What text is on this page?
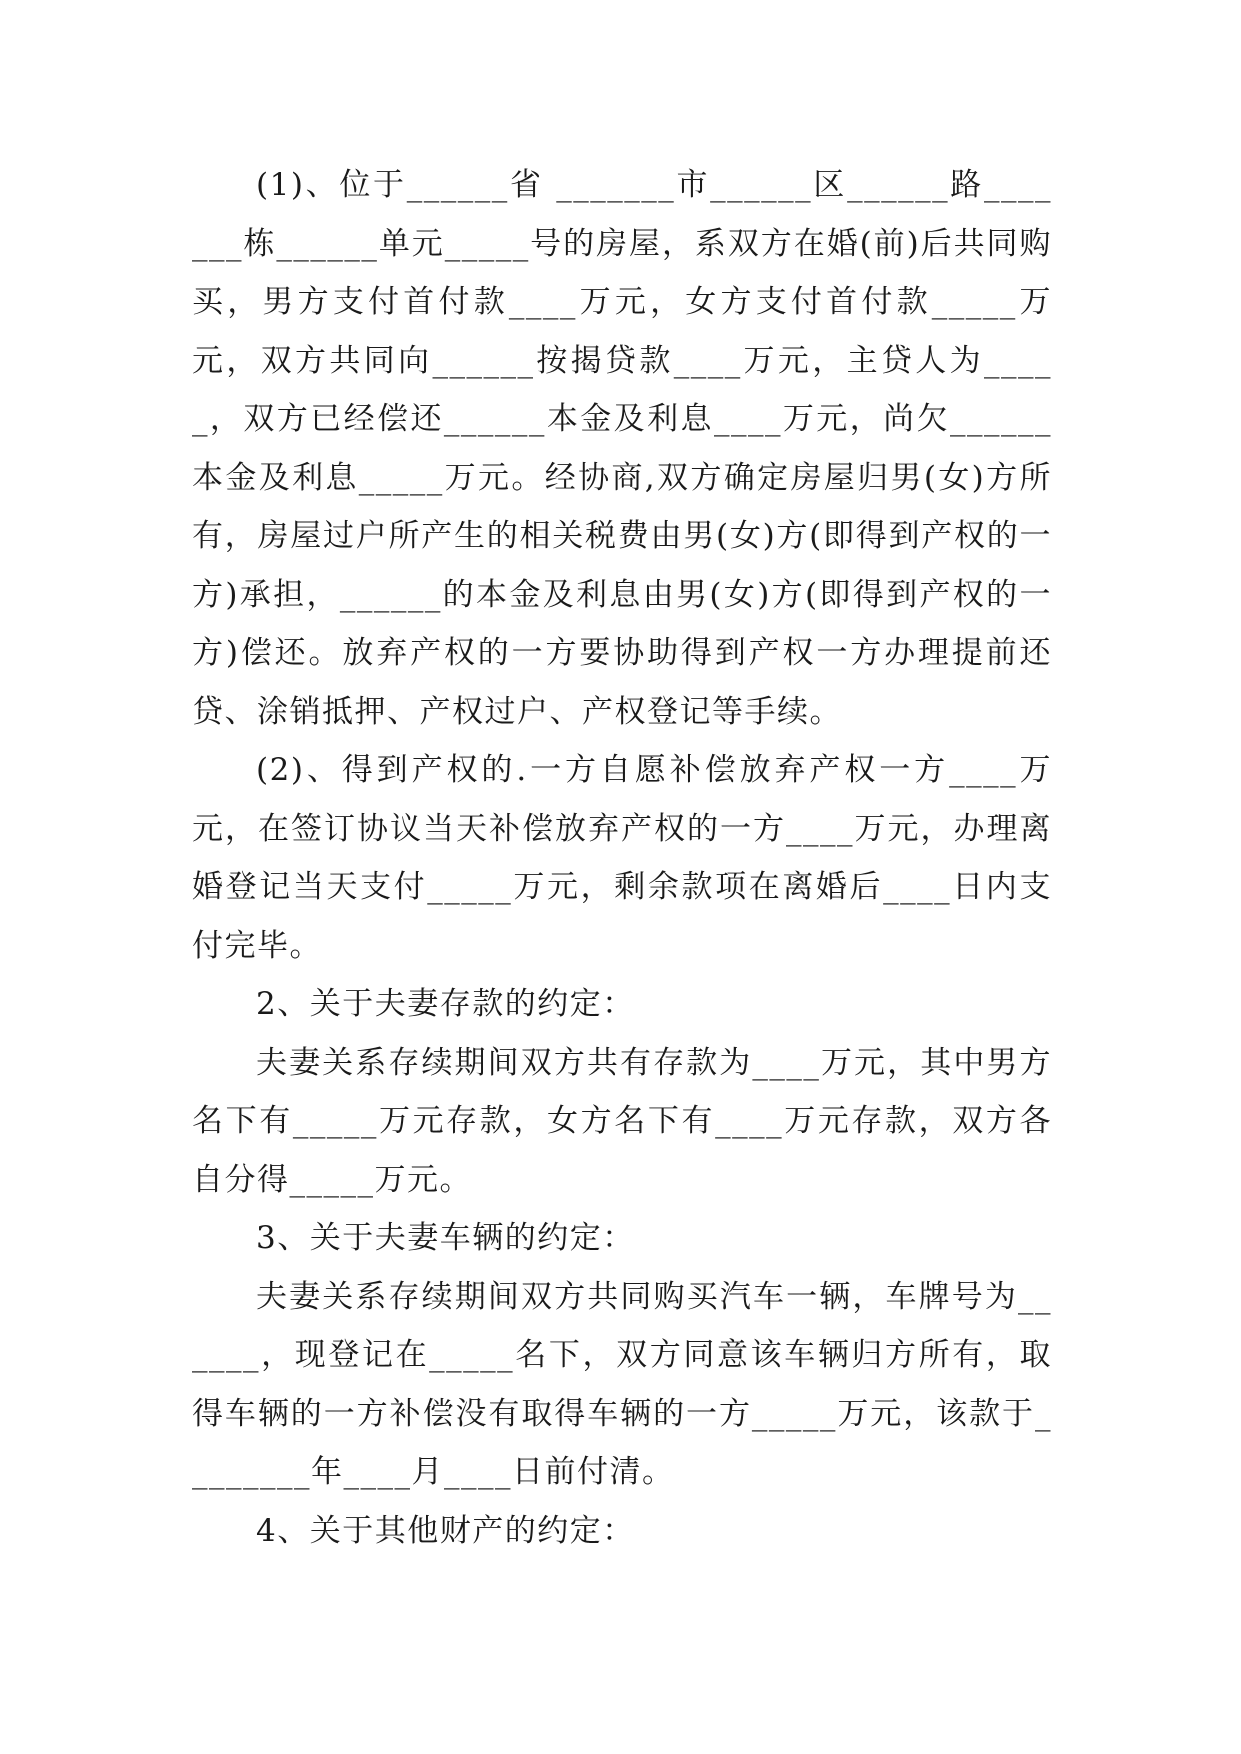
(1)、位于______省 _______市______区______路_______栋______单元_____号的房屋，系双方在婚(前)后共同购买，男方支付首付款____万元，女方支付首付款_____万元，双方共同向______按揭贷款____万元，主贷人为_____，双方已经偿还______本金及利息____万元，尚欠______本金及利息_____万元。经协商,双方确定房屋归男(女)方所有，房屋过户所产生的相关税费由男(女)方(即得到产权的一方)承担，______的本金及利息由男(女)方(即得到产权的一方)偿还。放弃产权的一方要协助得到产权一方办理提前还贷、涂销抵押、产权过户、产权登记等手续。

(2)、得到产权的.一方自愿补偿放弃产权一方____万元，在签订协议当天补偿放弃产权的一方____万元，办理离婚登记当天支付_____万元，剩余款项在离婚后____日内支付完毕。

2、关于夫妻存款的约定：

夫妻关系存续期间双方共有存款为____万元，其中男方名下有_____万元存款，女方名下有____万元存款，双方各自分得_____万元。

3、关于夫妻车辆的约定：

夫妻关系存续期间双方共同购买汽车一辆，车牌号为______，现登记在_____名下，双方同意该车辆归方所有，取得车辆的一方补偿没有取得车辆的一方_____万元，该款于________年____月____日前付清。

4、关于其他财产的约定：
